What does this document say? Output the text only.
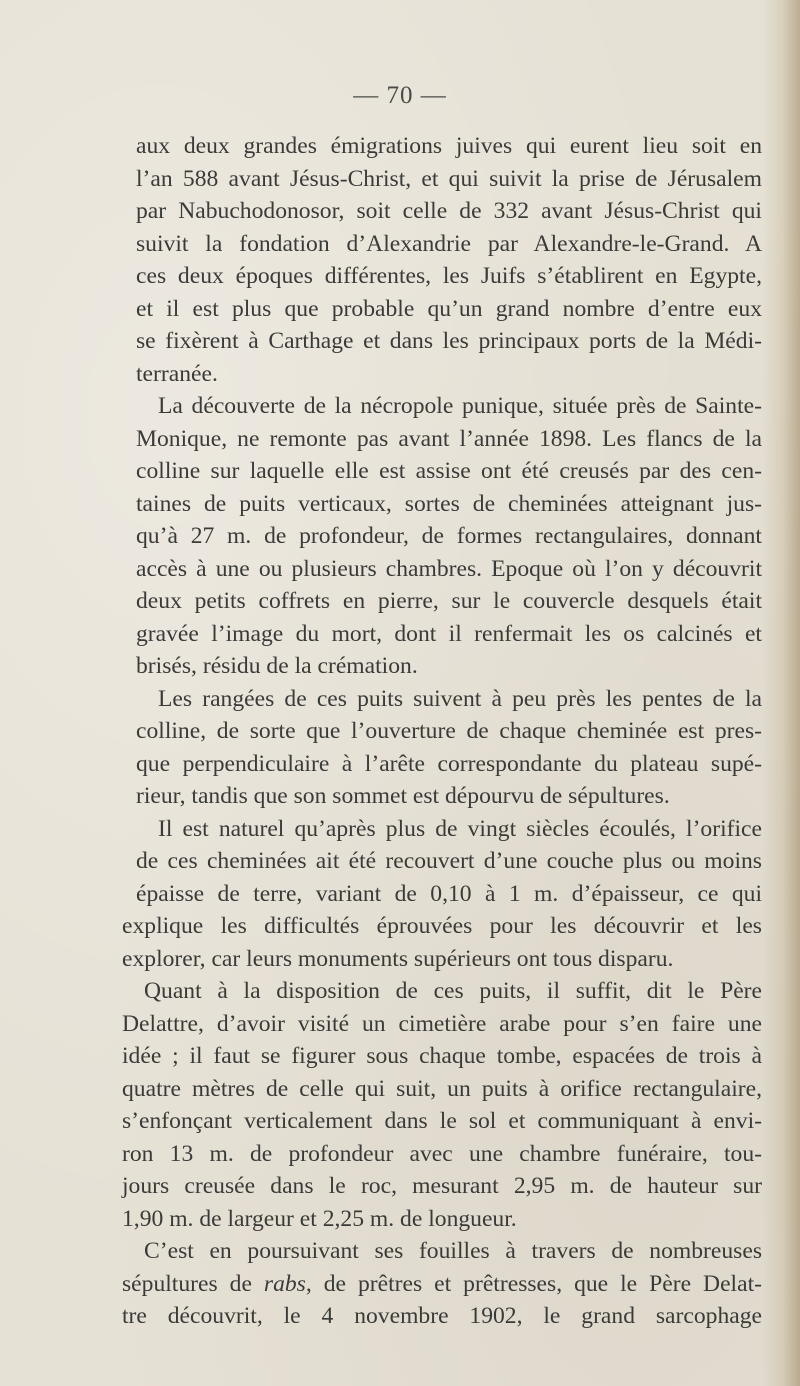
— 70 —
aux deux grandes émigrations juives qui eurent lieu soit en
l’an 588 avant Jésus-Christ, et qui suivit la prise de Jérusalem
par Nabuchodonosor, soit celle de 332 avant Jésus-Christ qui
suivit la fondation d’Alexandrie par Alexandre-le-Grand. A
ces deux époques différentes, les Juifs s’établirent en Egypte,
et il est plus que probable qu’un grand nombre d’entre eux
se fixèrent à Carthage et dans les principaux ports de la Médi-
terranée.
La découverte de la nécropole punique, située près de Sainte-
Monique, ne remonte pas avant l’année 1898. Les flancs de la
colline sur laquelle elle est assise ont été creusés par des cen-
taines de puits verticaux, sortes de cheminées atteignant jus-
qu’à 27 m. de profondeur, de formes rectangulaires, donnant
accès à une ou plusieurs chambres. Epoque où l’on y découvrit
deux petits coffrets en pierre, sur le couvercle desquels était
gravée l’image du mort, dont il renfermait les os calcinés et
brisés, résidu de la crémation.
Les rangées de ces puits suivent à peu près les pentes de la
colline, de sorte que l’ouverture de chaque cheminée est pres-
que perpendiculaire à l’arête correspondante du plateau supé-
rieur, tandis que son sommet est dépourvu de sépultures.
Il est naturel qu’après plus de vingt siècles écoulés, l’orifice
de ces cheminées ait été recouvert d’une couche plus ou moins
épaisse de terre, variant de 0,10 à 1 m. d’épaisseur, ce qui
explique les difficultés éprouvées pour les découvrir et les
explorer, car leurs monuments supérieurs ont tous disparu.
Quant à la disposition de ces puits, il suffit, dit le Père
Delattre, d’avoir visité un cimetière arabe pour s’en faire une
idée ; il faut se figurer sous chaque tombe, espacées de trois à
quatre mètres de celle qui suit, un puits à orifice rectangulaire,
s’enfonçant verticalement dans le sol et communiquant à envi-
ron 13 m. de profondeur avec une chambre funéraire, tou-
jours creusée dans le roc, mesurant 2,95 m. de hauteur sur
1,90 m. de largeur et 2,25 m. de longueur.
C’est en poursuivant ses fouilles à travers de nombreuses
sépultures de rabs, de prêtres et prêtresses, que le Père Delat-
tre découvrit, le 4 novembre 1902, le grand sarcophage
